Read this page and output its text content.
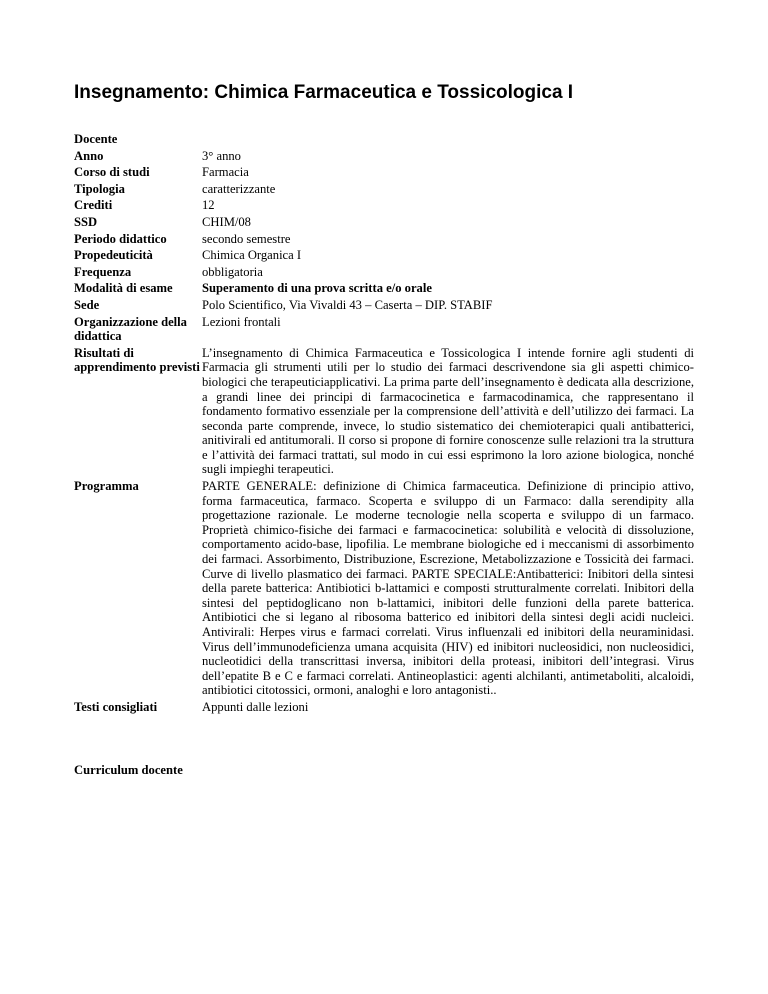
Insegnamento: Chimica Farmaceutica e Tossicologica I
Docente	
Anno	3° anno
Corso di studi	Farmacia
Tipologia	caratterizzante
Crediti	12
SSD	CHIM/08
Periodo didattico	secondo semestre
Propedeuticità	Chimica Organica I
Frequenza	obbligatoria
Modalità di esame	Superamento di una prova scritta e/o orale
Sede	Polo Scientifico, Via Vivaldi 43 – Caserta – DIP. STABIF
Organizzazione della didattica	Lezioni frontali
Risultati di apprendimento previsti	L’insegnamento di Chimica Farmaceutica e Tossicologica I intende fornire agli studenti di Farmacia gli strumenti utili per lo studio dei farmaci descrivendone sia gli aspetti chimico-biologici che terapeuticiapplicativi. La prima parte dell’insegnamento è dedicata alla descrizione, a grandi linee dei principi di farmacocinetica e farmacodinamica, che rappresentano il fondamento formativo essenziale per la comprensione dell’attività e dell’utilizzo dei farmaci. La seconda parte comprende, invece, lo studio sistematico dei chemioterapici quali antibatterici, anitivirali ed antitumorali. Il corso si propone di fornire conoscenze sulle relazioni tra la struttura e l’attività dei farmaci trattati, sul modo in cui essi esprimono la loro azione biologica, nonché sugli impieghi terapeutici.
Programma	PARTE GENERALE: definizione di Chimica farmaceutica. Definizione di principio attivo, forma farmaceutica, farmaco. Scoperta e sviluppo di un Farmaco: dalla serendipity alla progettazione razionale. Le moderne tecnologie nella scoperta e sviluppo di un farmaco. Proprietà chimico-fisiche dei farmaci e farmacocinetica: solubilità e velocità di dissoluzione, comportamento acido-base, lipofilia. Le membrane biologiche ed i meccanismi di assorbimento dei farmaci. Assorbimento, Distribuzione, Escrezione, Metabolizzazione e Tossicità dei farmaci. Curve di livello plasmatico dei farmaci. PARTE SPECIALE:Antibatterici: Inibitori della sintesi della parete batterica: Antibiotici b-lattamici e composti strutturalmente correlati. Inibitori della sintesi del peptidoglicano non b-lattamici, inibitori delle funzioni della parete batterica. Antibiotici che si legano al ribosoma batterico ed inibitori della sintesi degli acidi nucleici. Antivirali: Herpes virus e farmaci correlati. Virus influenzali ed inibitori della neuraminidasi. Virus dell’immunodeficienza umana acquisita (HIV) ed inibitori nucleosidici, non nucleosidici, nucleotidici della transcrittasi inversa, inibitori della proteasi, inibitori dell’integrasi. Virus dell’epatite B e C e farmaci correlati. Antineoplastici: agenti alchilanti, antimetaboliti, alcaloidi, antibiotici citotossici, ormoni, analoghi e loro antagonisti..
Testi consigliati	Appunti dalle lezioni

Curriculum docente	
